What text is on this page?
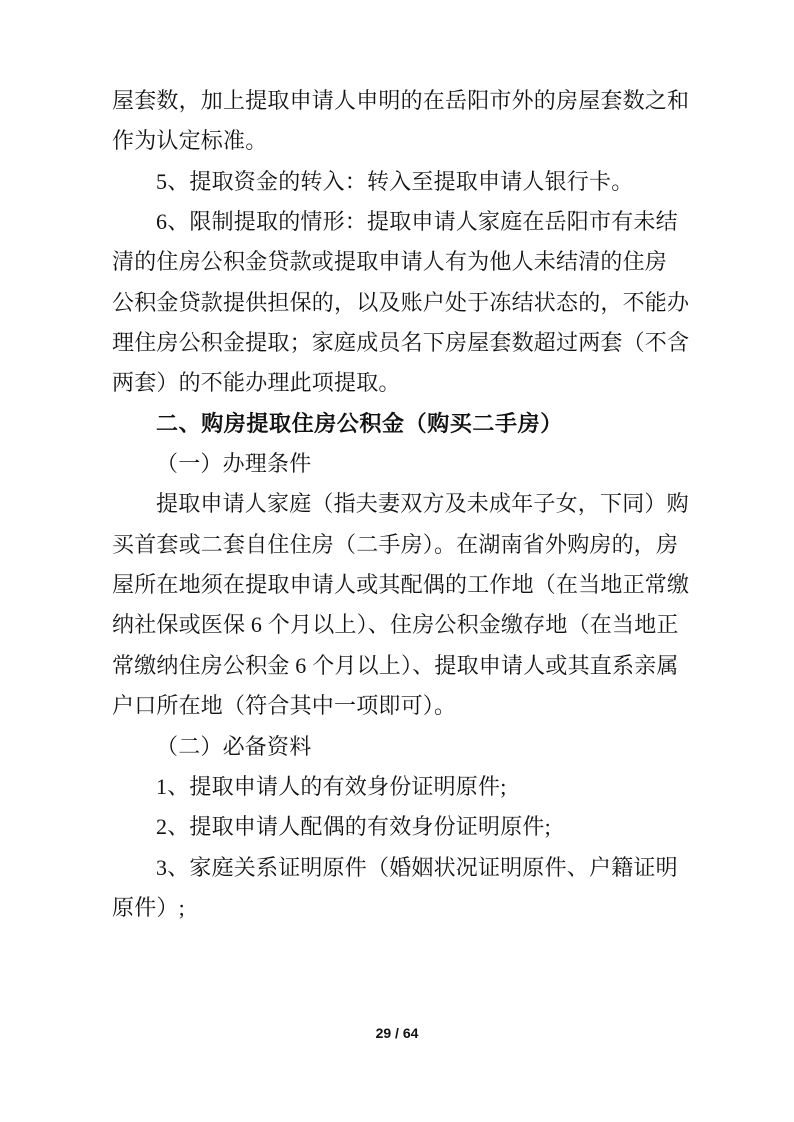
屋套数，加上提取申请人申明的在岳阳市外的房屋套数之和
作为认定标准。
5、提取资金的转入：转入至提取申请人银行卡。
6、限制提取的情形：提取申请人家庭在岳阳市有未结
清的住房公积金贷款或提取申请人有为他人未结清的住房
公积金贷款提供担保的，以及账户处于冻结状态的，不能办
理住房公积金提取；家庭成员名下房屋套数超过两套（不含
两套）的不能办理此项提取。
二、购房提取住房公积金（购买二手房）
（一）办理条件
提取申请人家庭（指夫妻双方及未成年子女，下同）购
买首套或二套自住住房（二手房）。在湖南省外购房的，房
屋所在地须在提取申请人或其配偶的工作地（在当地正常缴
纳社保或医保 6 个月以上）、住房公积金缴存地（在当地正
常缴纳住房公积金 6 个月以上）、提取申请人或其直系亲属
户口所在地（符合其中一项即可）。
（二）必备资料
1、提取申请人的有效身份证明原件;
2、提取申请人配偶的有效身份证明原件;
3、家庭关系证明原件（婚姻状况证明原件、户籍证明
原件）;
29 / 64
